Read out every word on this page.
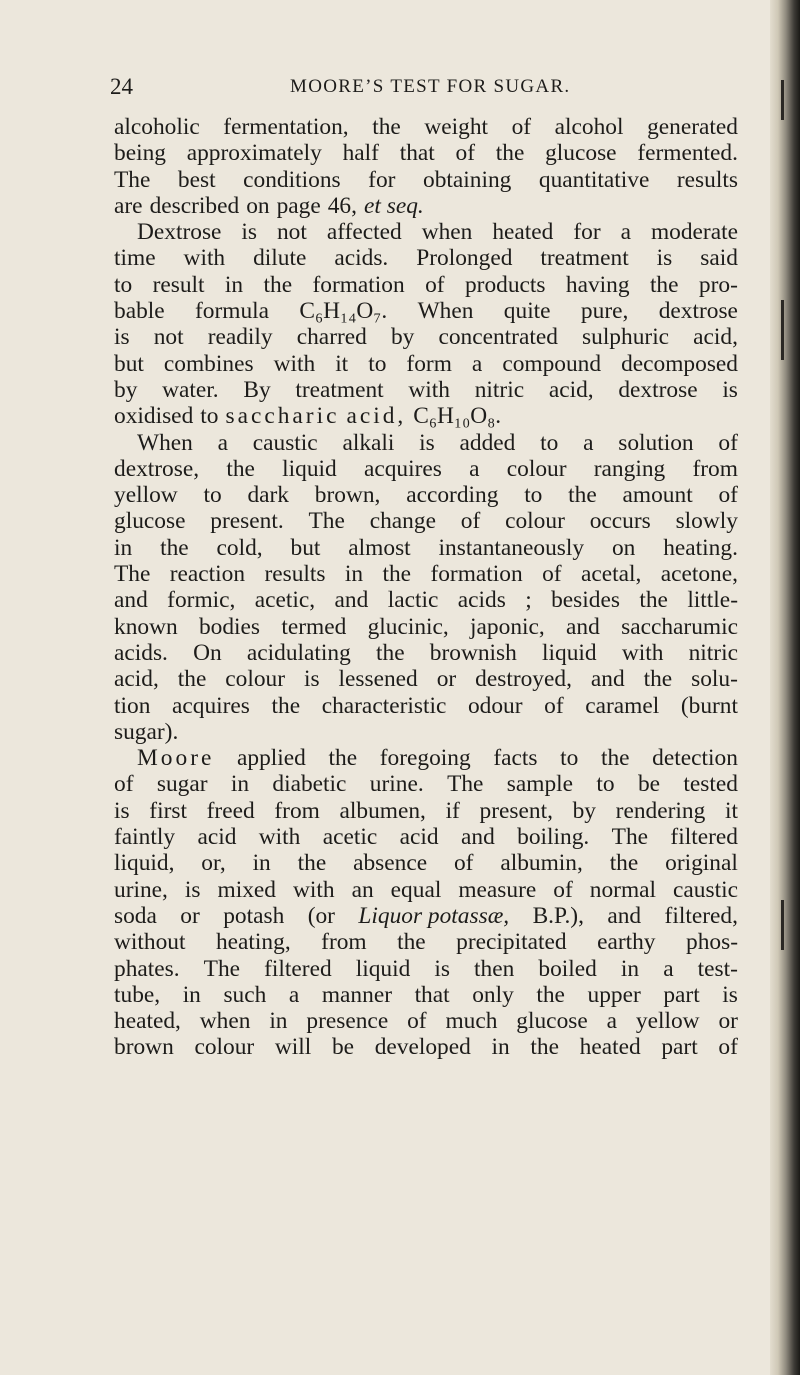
24	MOORE’S TEST FOR SUGAR.
alcoholic fermentation, the weight of alcohol generated
being approximately half that of the glucose fermented.
The best conditions for obtaining quantitative results
are described on page 46, et seq.
Dextrose is not affected when heated for a moderate
time with dilute acids. Prolonged treatment is said
to result in the formation of products having the pro-
bable formula C₆H₁₄O₇. When quite pure, dextrose
is not readily charred by concentrated sulphuric acid,
but combines with it to form a compound decomposed
by water. By treatment with nitric acid, dextrose is
oxidised to saccharic acid, C₆H₁₀O₈.
When a caustic alkali is added to a solution of
dextrose, the liquid acquires a colour ranging from
yellow to dark brown, according to the amount of
glucose present. The change of colour occurs slowly
in the cold, but almost instantaneously on heating.
The reaction results in the formation of acetal, acetone,
and formic, acetic, and lactic acids ; besides the little-
known bodies termed glucinic, japonic, and saccharumic
acids. On acidulating the brownish liquid with nitric
acid, the colour is lessened or destroyed, and the solu-
tion acquires the characteristic odour of caramel (burnt
sugar).
Moore applied the foregoing facts to the detection
of sugar in diabetic urine. The sample to be tested
is first freed from albumen, if present, by rendering it
faintly acid with acetic acid and boiling. The filtered
liquid, or, in the absence of albumin, the original
urine, is mixed with an equal measure of normal caustic
soda or potash (or Liquor potassæ, B.P.), and filtered,
without heating, from the precipitated earthy phos-
phates. The filtered liquid is then boiled in a test-
tube, in such a manner that only the upper part is
heated, when in presence of much glucose a yellow or
brown colour will be developed in the heated part of
